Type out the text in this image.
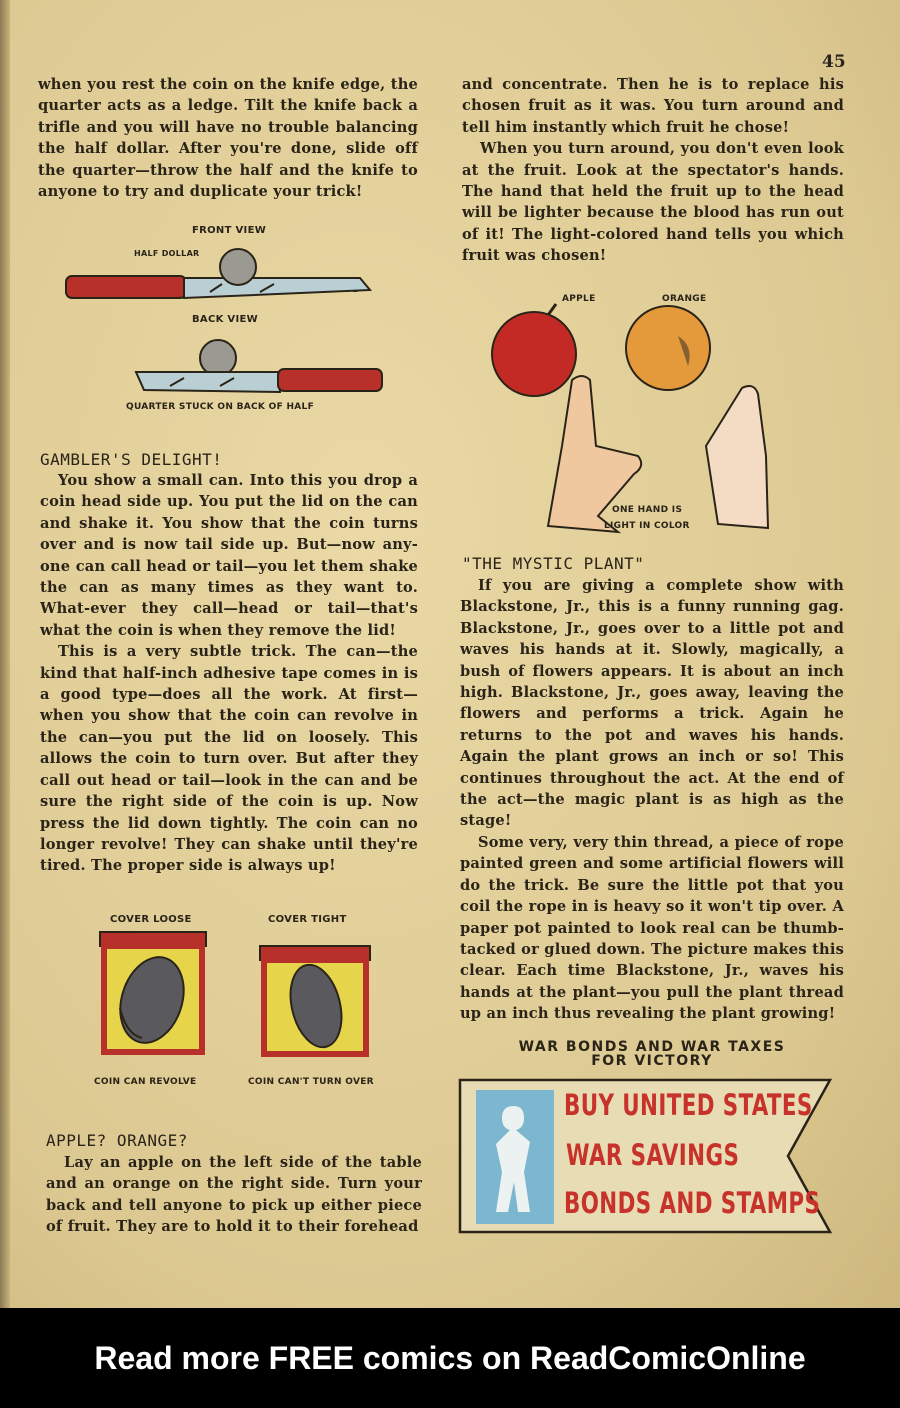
45

when you rest the coin on the knife edge, the quarter acts as a ledge. Tilt the knife back a trifle and you will have no trouble balancing the half dollar. After you're done, slide off the quarter—throw the half and the knife to anyone to try and duplicate your trick!

FRONT VIEW
HALF DOLLAR
BACK VIEW
QUARTER STUCK ON BACK OF HALF
GAMBLER'S DELIGHT!

You show a small can. Into this you drop a coin head side up. You put the lid on the can and shake it. You show that the coin turns over and is now tail side up. But—now any-one can call head or tail—you let them shake the can as many times as they want to. What-ever they call—head or tail—that's what the coin is when they remove the lid!

This is a very subtle trick. The can—the kind that half-inch adhesive tape comes in is a good type—does all the work. At first—when you show that the coin can revolve in the can—you put the lid on loosely. This allows the coin to turn over. But after they call out head or tail—look in the can and be sure the right side of the coin is up. Now press the lid down tightly. The coin can no longer revolve! They can shake until they're tired. The proper side is always up!

COVER LOOSE	COVER TIGHT
COIN CAN REVOLVE	COIN CAN'T TURN OVER
APPLE? ORANGE?

Lay an apple on the left side of the table and an orange on the right side. Turn your back and tell anyone to pick up either piece of fruit. They are to hold it to their forehead

and concentrate. Then he is to replace his chosen fruit as it was. You turn around and tell him instantly which fruit he chose!

When you turn around, you don't even look at the fruit. Look at the spectator's hands. The hand that held the fruit up to the head will be lighter because the blood has run out of it! The light-colored hand tells you which fruit was chosen!

APPLE	ORANGE
ONE HAND IS
LIGHT IN COLOR
"THE MYSTIC PLANT"

If you are giving a complete show with Blackstone, Jr., this is a funny running gag. Blackstone, Jr., goes over to a little pot and waves his hands at it. Slowly, magically, a bush of flowers appears. It is about an inch high. Blackstone, Jr., goes away, leaving the flowers and performs a trick. Again he returns to the pot and waves his hands. Again the plant grows an inch or so! This continues throughout the act. At the end of the act—the magic plant is as high as the stage!

Some very, very thin thread, a piece of rope painted green and some artificial flowers will do the trick. Be sure the little pot that you coil the rope in is heavy so it won't tip over. A paper pot painted to look real can be thumb-tacked or glued down. The picture makes this clear. Each time Blackstone, Jr., waves his hands at the plant—you pull the plant thread up an inch thus revealing the plant growing!

WAR BONDS AND WAR TAXES
FOR VICTORY
BUY UNITED STATES
WAR SAVINGS
BONDS AND STAMPS
Read more FREE comics on ReadComicOnline
